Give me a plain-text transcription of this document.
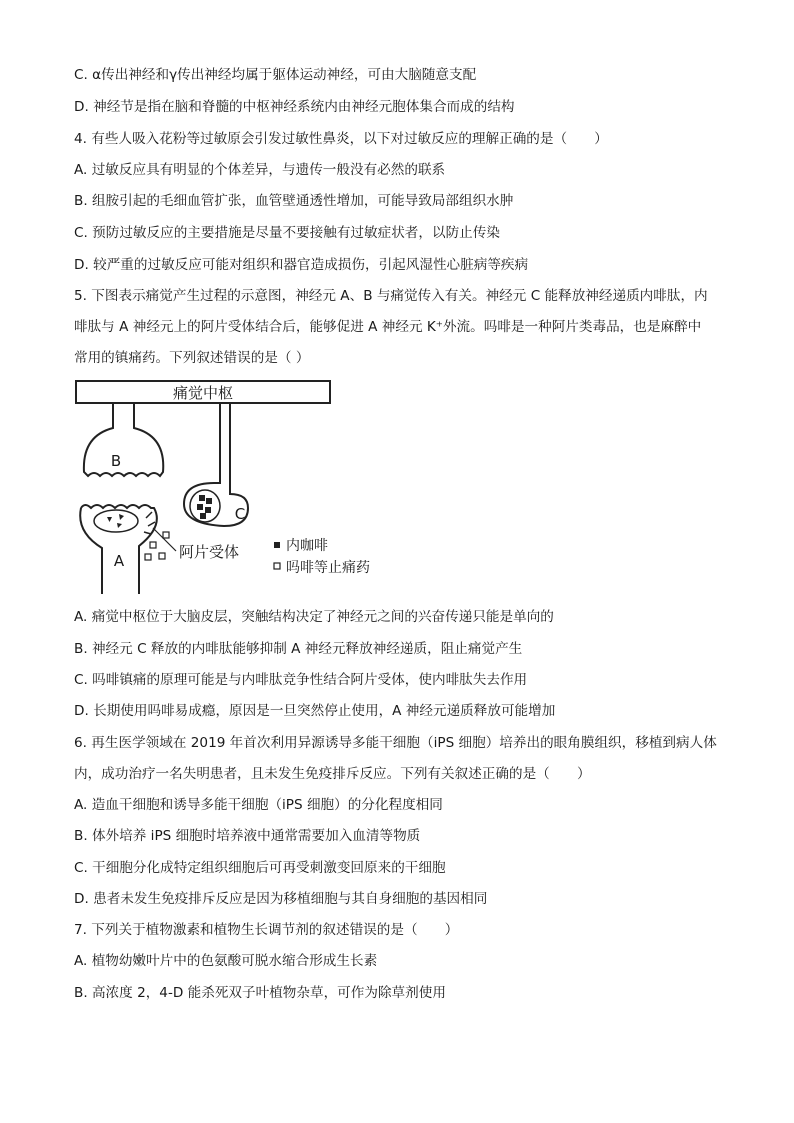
C. α传出神经和γ传出神经均属于躯体运动神经，可由大脑随意支配
D. 神经节是指在脑和脊髓的中枢神经系统内由神经元胞体集合而成的结构
4. 有些人吸入花粉等过敏原会引发过敏性鼻炎，以下对过敏反应的理解正确的是（　　）
A. 过敏反应具有明显的个体差异，与遗传一般没有必然的联系
B. 组胺引起的毛细血管扩张，血管壁通透性增加，可能导致局部组织水肿
C. 预防过敏反应的主要措施是尽量不要接触有过敏症状者，以防止传染
D. 较严重的过敏反应可能对组织和器官造成损伤，引起风湿性心脏病等疾病
5. 下图表示痛觉产生过程的示意图，神经元 A、B 与痛觉传入有关。神经元 C 能释放神经递质内啡肽，内
啡肽与 A 神经元上的阿片受体结合后，能够促进 A 神经元 K⁺外流。吗啡是一种阿片类毒品，也是麻醉中
常用的镇痛药。下列叙述错误的是（ ）
痛觉中枢
B
A	阿片受体
C
内咖啡
吗啡等止痛药
A. 痛觉中枢位于大脑皮层，突触结构决定了神经元之间的兴奋传递只能是单向的
B. 神经元 C 释放的内啡肽能够抑制 A 神经元释放神经递质，阻止痛觉产生
C. 吗啡镇痛的原理可能是与内啡肽竞争性结合阿片受体，使内啡肽失去作用
D. 长期使用吗啡易成瘾，原因是一旦突然停止使用，A 神经元递质释放可能增加
6. 再生医学领域在 2019 年首次利用异源诱导多能干细胞（iPS 细胞）培养出的眼角膜组织，移植到病人体
内，成功治疗一名失明患者，且未发生免疫排斥反应。下列有关叙述正确的是（　　）
A. 造血干细胞和诱导多能干细胞（iPS 细胞）的分化程度相同
B. 体外培养 iPS 细胞时培养液中通常需要加入血清等物质
C. 干细胞分化成特定组织细胞后可再受刺激变回原来的干细胞
D. 患者未发生免疫排斥反应是因为移植细胞与其自身细胞的基因相同
7. 下列关于植物激素和植物生长调节剂的叙述错误的是（　　）
A. 植物幼嫩叶片中的色氨酸可脱水缩合形成生长素
B. 高浓度 2，4-D 能杀死双子叶植物杂草，可作为除草剂使用
